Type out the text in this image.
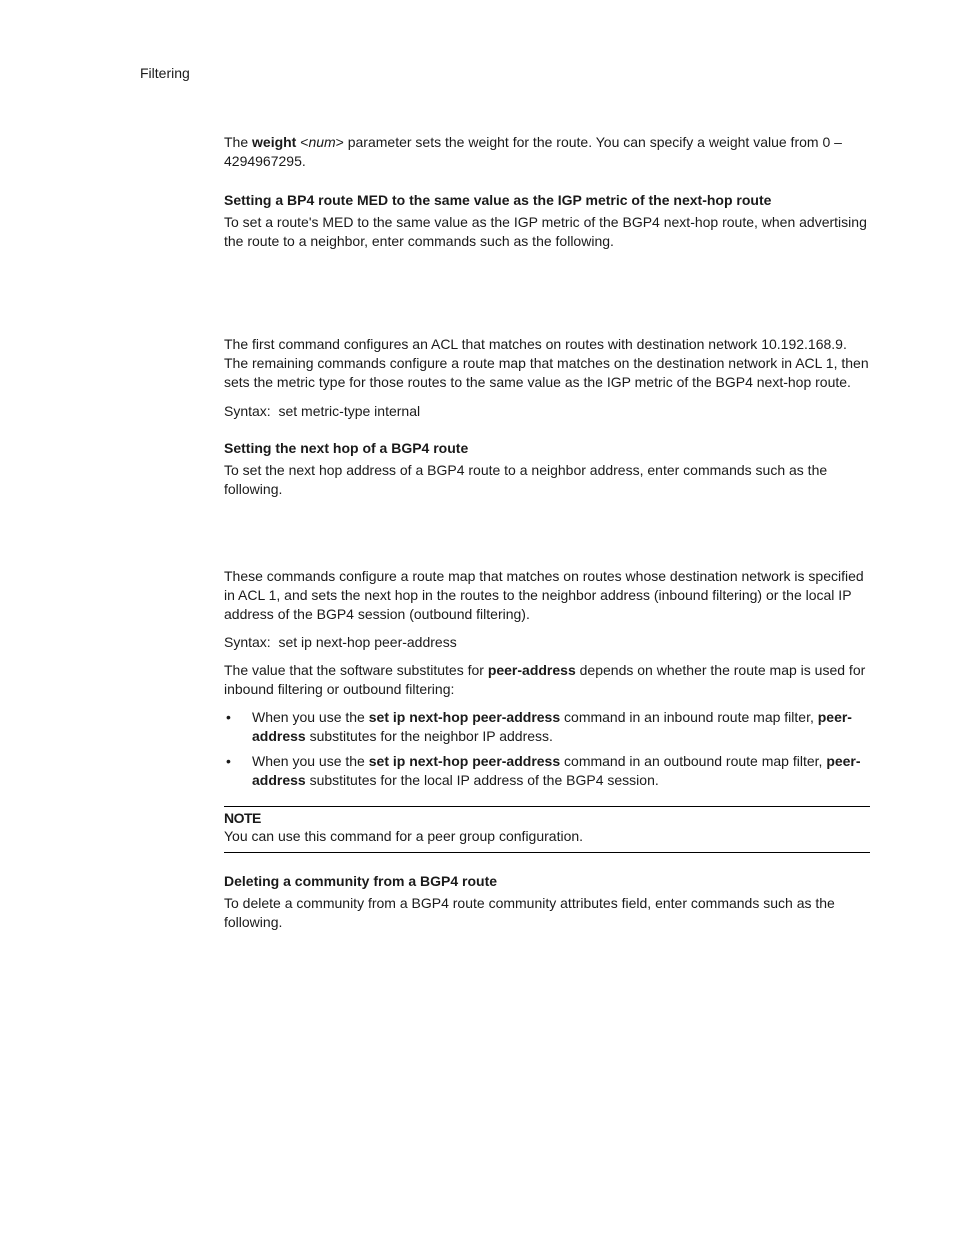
Filtering

The weight <num> parameter sets the weight for the route. You can specify a weight value from 0 – 4294967295.

Setting a BP4 route MED to the same value as the IGP metric of the next-hop route

To set a route's MED to the same value as the IGP metric of the BGP4 next-hop route, when advertising the route to a neighbor, enter commands such as the following.

The first command configures an ACL that matches on routes with destination network 10.192.168.9. The remaining commands configure a route map that matches on the destination network in ACL 1, then sets the metric type for those routes to the same value as the IGP metric of the BGP4 next-hop route.

Syntax: set metric-type internal
Setting the next hop of a BGP4 route

To set the next hop address of a BGP4 route to a neighbor address, enter commands such as the following.

These commands configure a route map that matches on routes whose destination network is specified in ACL 1, and sets the next hop in the routes to the neighbor address (inbound filtering) or the local IP address of the BGP4 session (outbound filtering).

Syntax: set ip next-hop peer-address

The value that the software substitutes for peer-address depends on whether the route map is used for inbound filtering or outbound filtering:

• When you use the set ip next-hop peer-address command in an inbound route map filter, peer-address substitutes for the neighbor IP address.
• When you use the set ip next-hop peer-address command in an outbound route map filter, peer-address substitutes for the local IP address of the BGP4 session.
NOTE

You can use this command for a peer group configuration.

Deleting a community from a BGP4 route

To delete a community from a BGP4 route community attributes field, enter commands such as the following.
